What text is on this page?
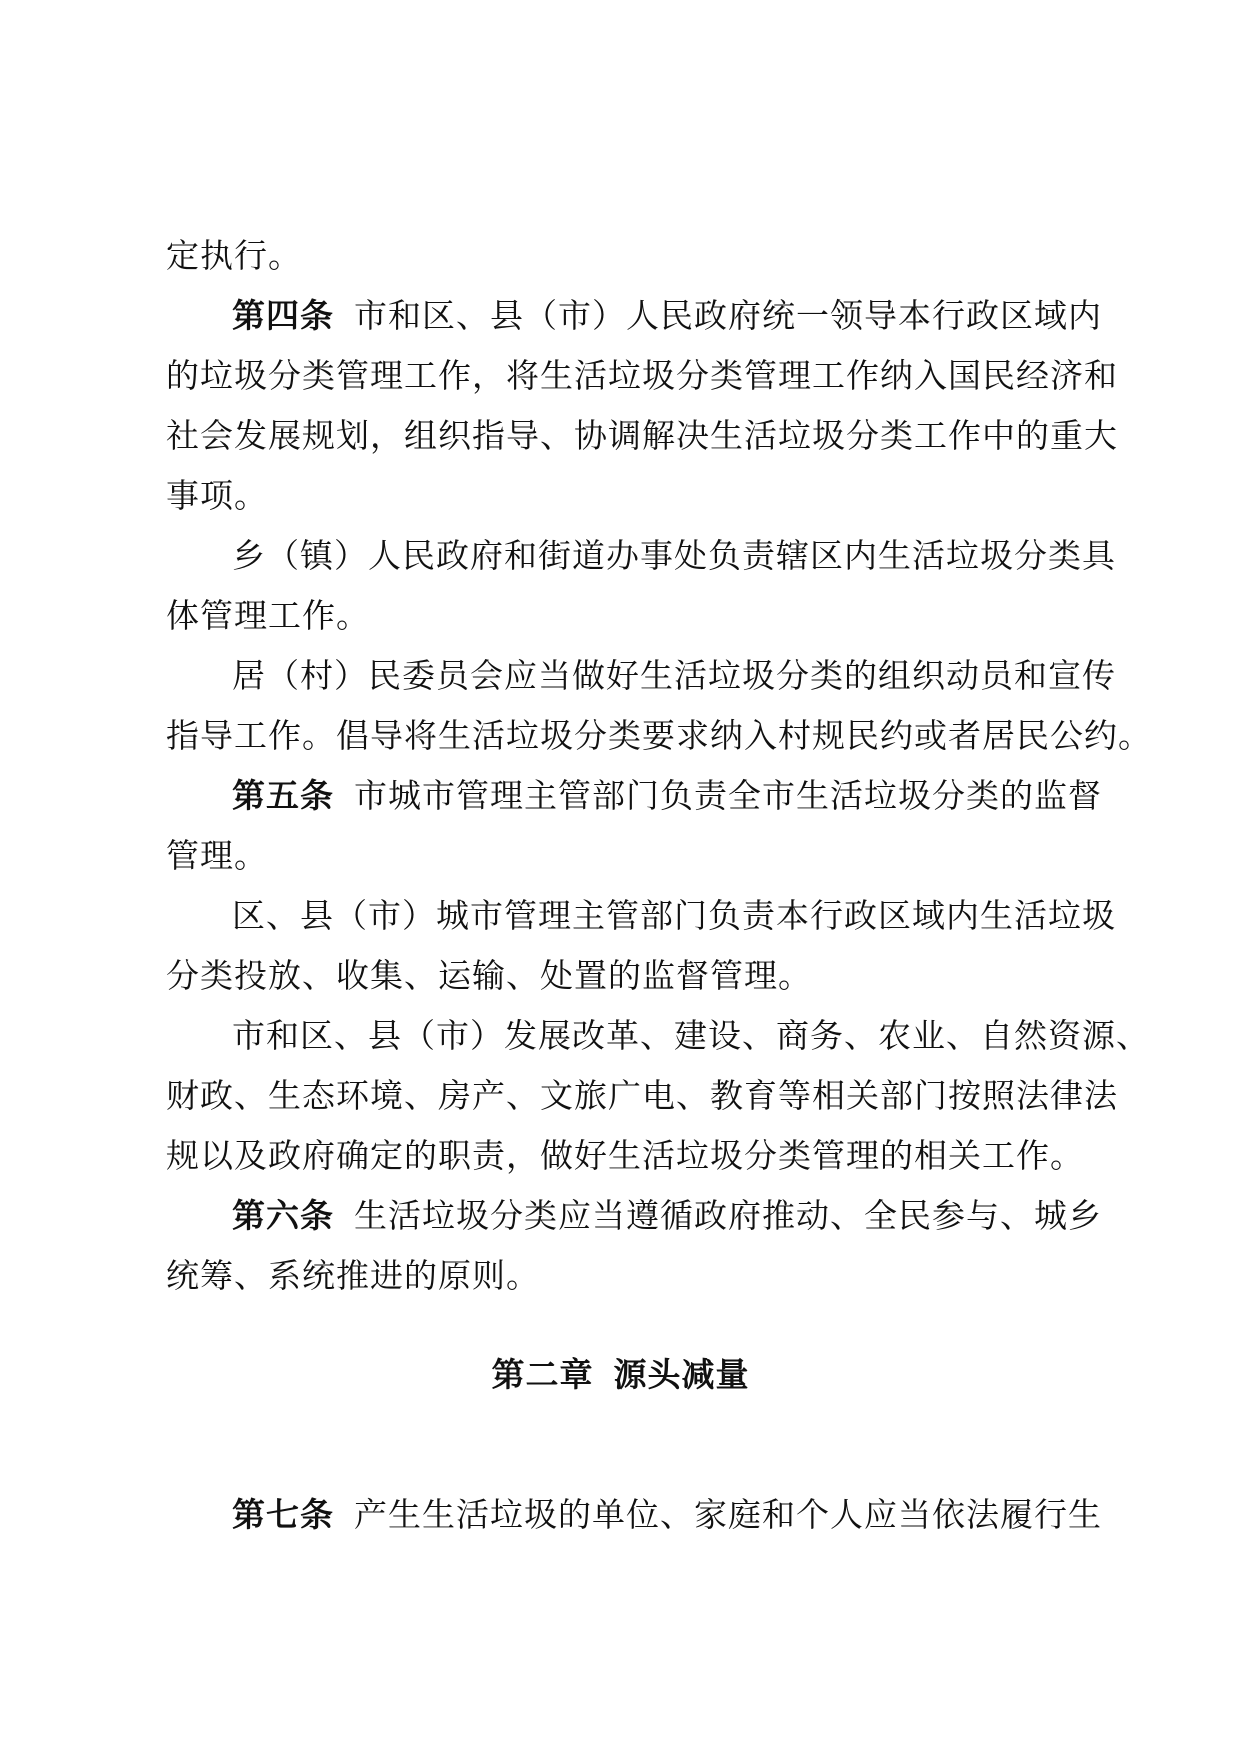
定执行。
第四条 市和区、县（市）人民政府统一领导本行政区域内
的垃圾分类管理工作，将生活垃圾分类管理工作纳入国民经济和
社会发展规划，组织指导、协调解决生活垃圾分类工作中的重大
事项。
乡（镇）人民政府和街道办事处负责辖区内生活垃圾分类具
体管理工作。
居（村）民委员会应当做好生活垃圾分类的组织动员和宣传
指导工作。倡导将生活垃圾分类要求纳入村规民约或者居民公约。
第五条 市城市管理主管部门负责全市生活垃圾分类的监督
管理。
区、县（市）城市管理主管部门负责本行政区域内生活垃圾
分类投放、收集、运输、处置的监督管理。
市和区、县（市）发展改革、建设、商务、农业、自然资源、
财政、生态环境、房产、文旅广电、教育等相关部门按照法律法
规以及政府确定的职责，做好生活垃圾分类管理的相关工作。
第六条 生活垃圾分类应当遵循政府推动、全民参与、城乡
统筹、系统推进的原则。
第二章 源头减量
第七条 产生生活垃圾的单位、家庭和个人应当依法履行生
